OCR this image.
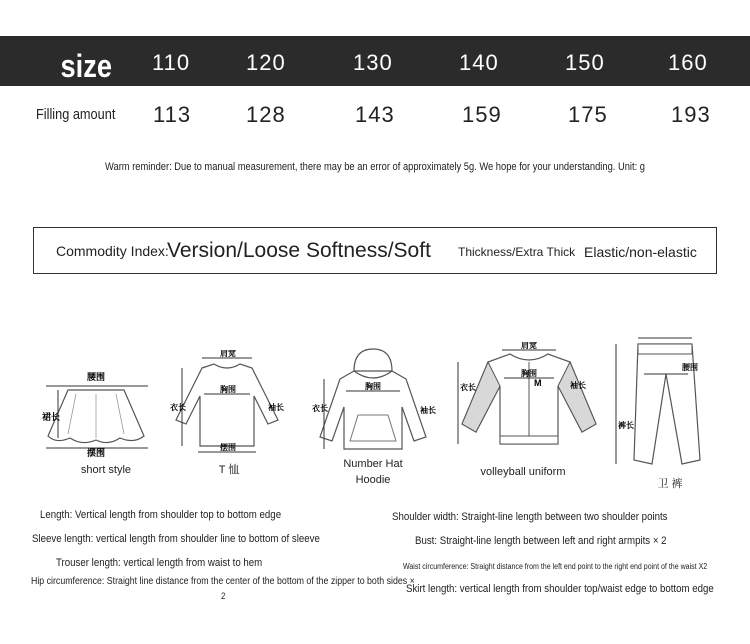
size 110	120	130	140	150	160
Filling amount 113 128	143	159	175	193
Warm reminder: Due to manual measurement, there may be an error of approximately 5g. We hope for your understanding. Unit: g
Commodity Index:
Version/Loose Softness/Soft Thickness/Extra Thick Elastic/non-elastic
腰围
裙长
摆围
short style
肩宽
胸围
衣长	袖长
摆围
T 恤
胸围
衣长	袖长
Number Hat
Hoodie
肩宽
M
胸围
衣长	袖长
volleyball uniform
腰围
裤长
卫 裤
Length: Vertical length from shoulder top to bottom edge
Sleeve length: vertical length from shoulder line to bottom of sleeve
Trouser length: vertical length from waist to hem
Hip circumference: Straight line distance from the center of the bottom of the zipper to both sides ×
2
Shoulder width: Straight-line length between two shoulder points
Bust: Straight-line length between left and right armpits × 2
Waist circumference: Straight distance from the left end point to the right end point of the waist X2
Skirt length: vertical length from shoulder top/waist edge to bottom edge
